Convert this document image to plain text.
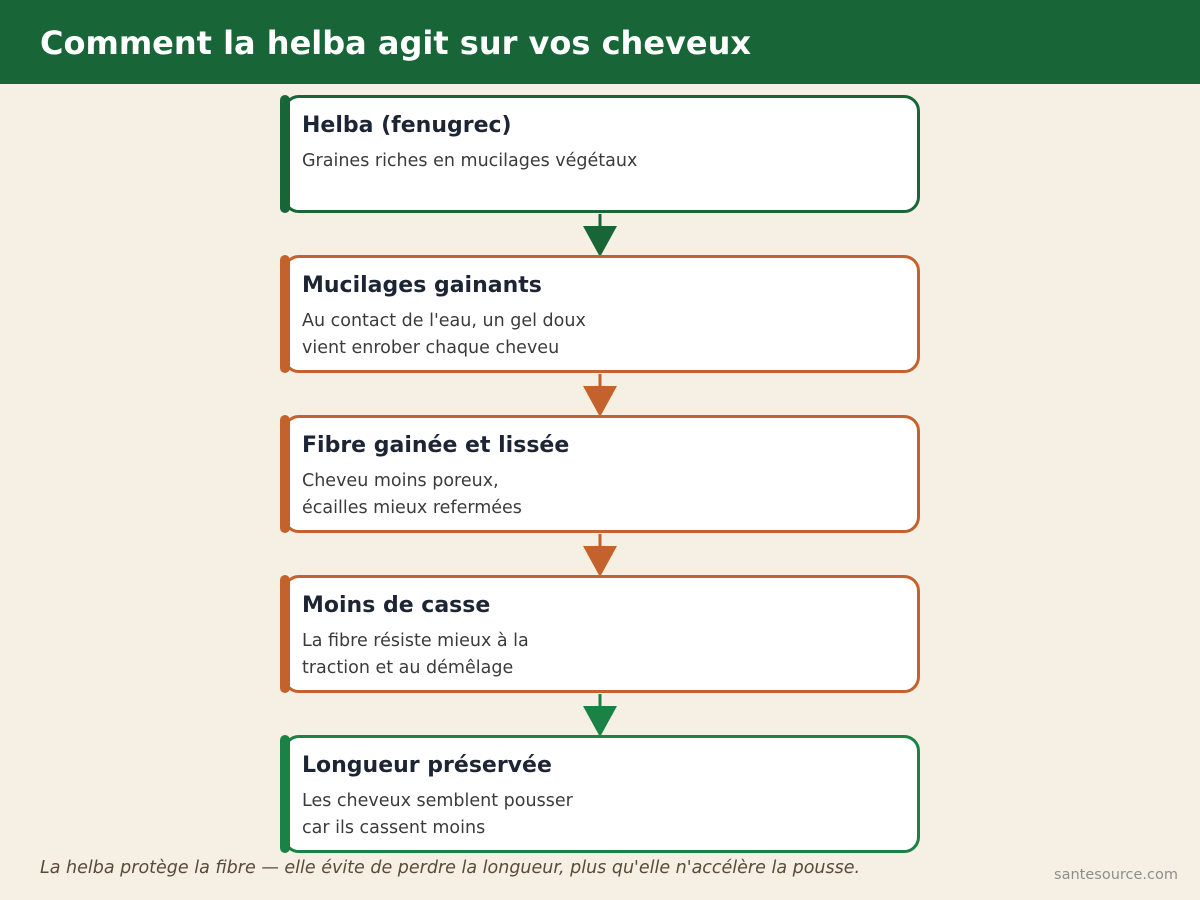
Comment la helba agit sur vos cheveux
Helba (fenugrec)
Graines riches en mucilages végétaux
Mucilages gainants
Au contact de l'eau, un gel doux
vient enrober chaque cheveu
Fibre gainée et lissée
Cheveu moins poreux,
écailles mieux refermées
Moins de casse
La fibre résiste mieux à la
traction et au démêlage
Longueur préservée
Les cheveux semblent pousser
car ils cassent moins
La helba protège la fibre — elle évite de perdre la longueur, plus qu'elle n'accélère la pousse.	santesource.com
